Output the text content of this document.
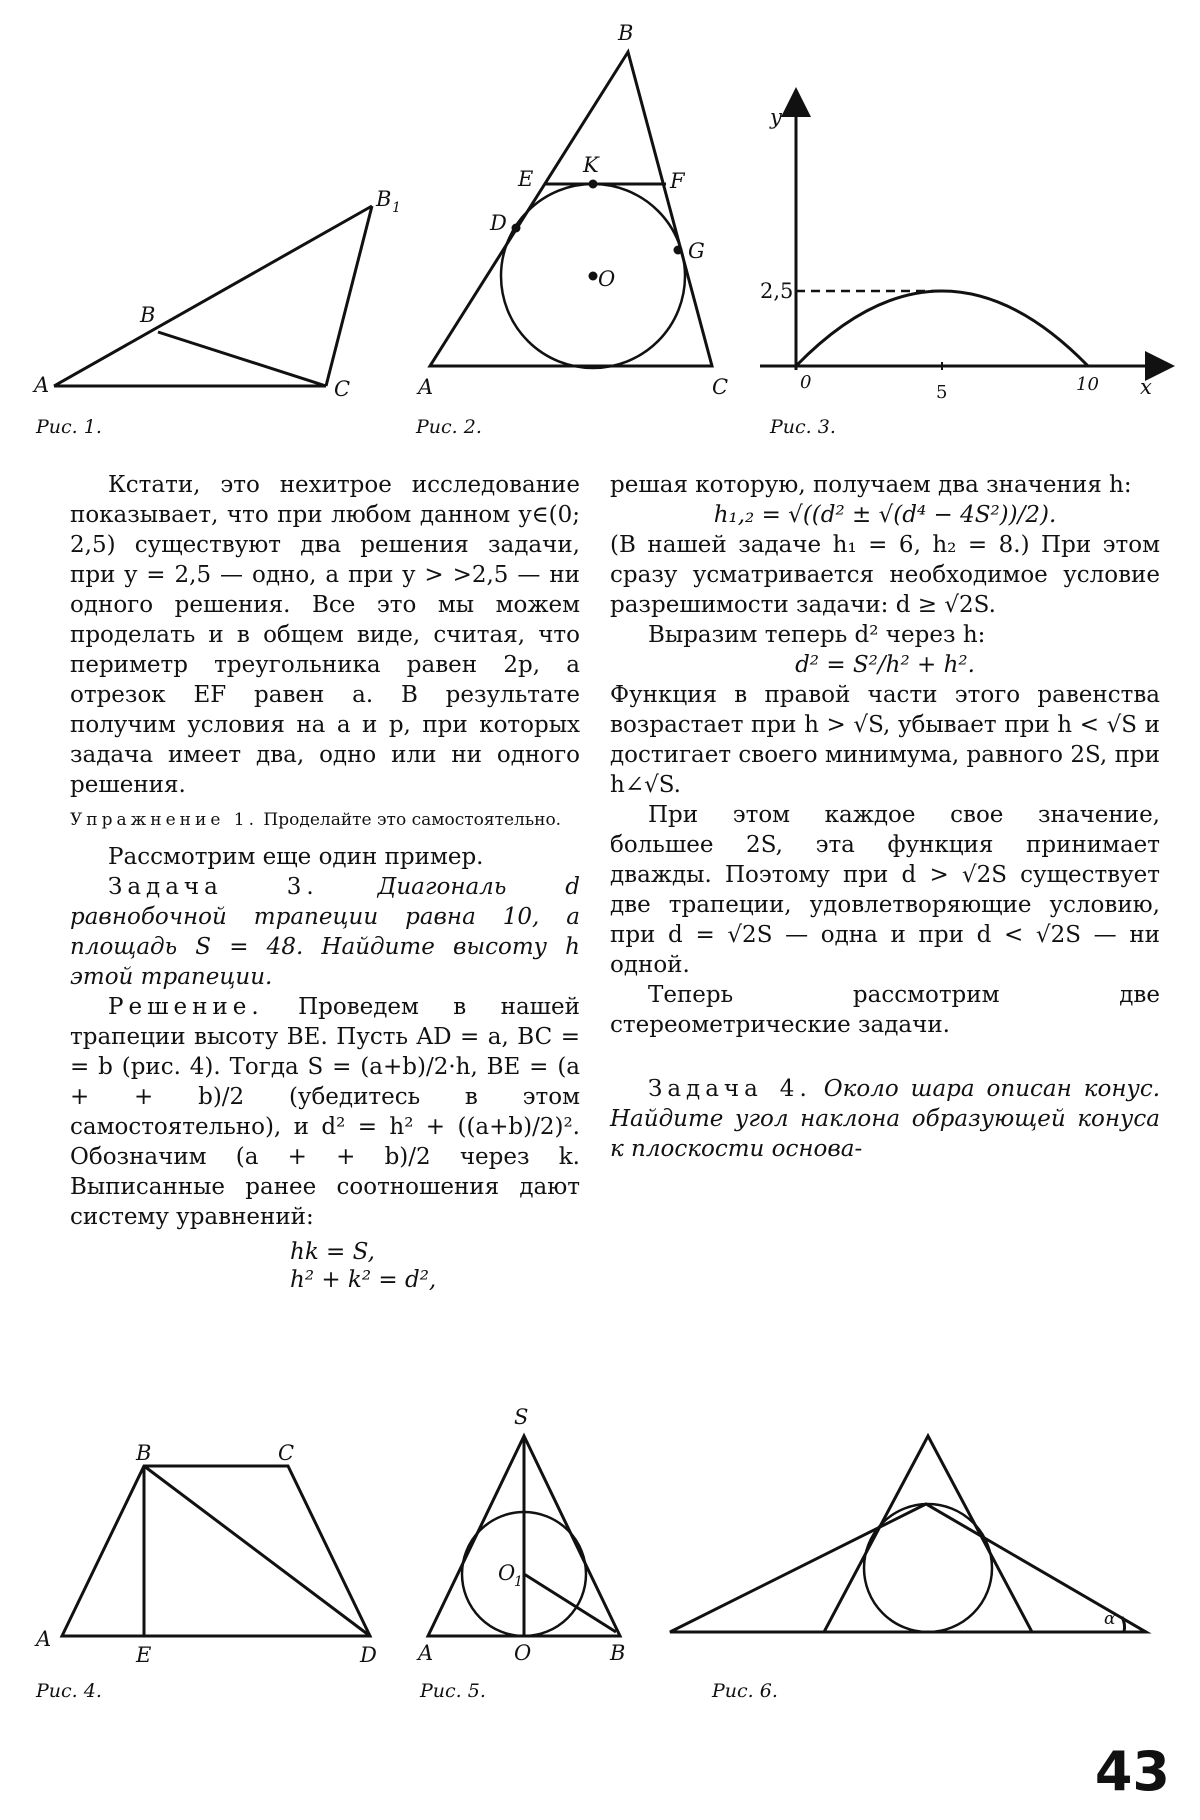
A
B
B 1
C
Рис. 1.
B
A	C
D
E	F
G
K
O
Рис. 2.
y
x
2,5
0	5	10
Рис. 3.

Кстати, это нехитрое исследование показывает, что при любом данном y∈(0; 2,5) существуют два решения задачи, при y = 2,5 — одно, а при y > >2,5 — ни одного решения. Все это мы можем проделать и в общем виде, считая, что периметр треугольника равен 2p, а отрезок EF равен a. В результате получим условия на a и p, при которых задача имеет два, одно или ни одного решения.

Упражнение 1. Проделайте это самостоятельно.

Рассмотрим еще один пример.

Задача 3.	Диагональ d равнобочной трапеции равна 10, а площадь S = 48. Найдите высоту h этой трапеции.

Решение. Проведем в нашей трапеции высоту BE. Пусть AD = a, BC = = b (рис. 4). Тогда S = (a+b)/2·h, BE = (a + + b)/2 (убедитесь в этом самостоятельно), и d² = h² + ((a+b)/2)². Обозначим (a + + b)/2 через k. Выписанные ранее соотношения дают систему уравнений:

hk = S,
h² + k² = d²,

решая которую, получаем два значения h:

h₁,₂ = √((d² ± √(d⁴ − 4S²))/2).

(В нашей задаче h₁ = 6, h₂ = 8.) При этом сразу усматривается необходимое условие разрешимости задачи: d ≥ √2S.

Выразим теперь d² через h:

d² = S²/h² + h².

Функция в правой части этого равенства возрастает при h > √S, убывает при h < √S и достигает своего минимума, равного 2S, при h∠√S.

При этом каждое свое значение, большее 2S, эта функция принимает дважды. Поэтому при d > √2S существует две трапеции, удовлетворяющие условию, при d = √2S — одна и при d < √2S — ни одной.

Теперь рассмотрим две стереометрические задачи.

Задача 4. Около шара описан конус. Найдите угол наклона образующей конуса к плоскости основа-

A
B	C
D
E
Рис. 4.
S
O
1
A	O	B
Рис. 5.
α
Рис. 6.
43
